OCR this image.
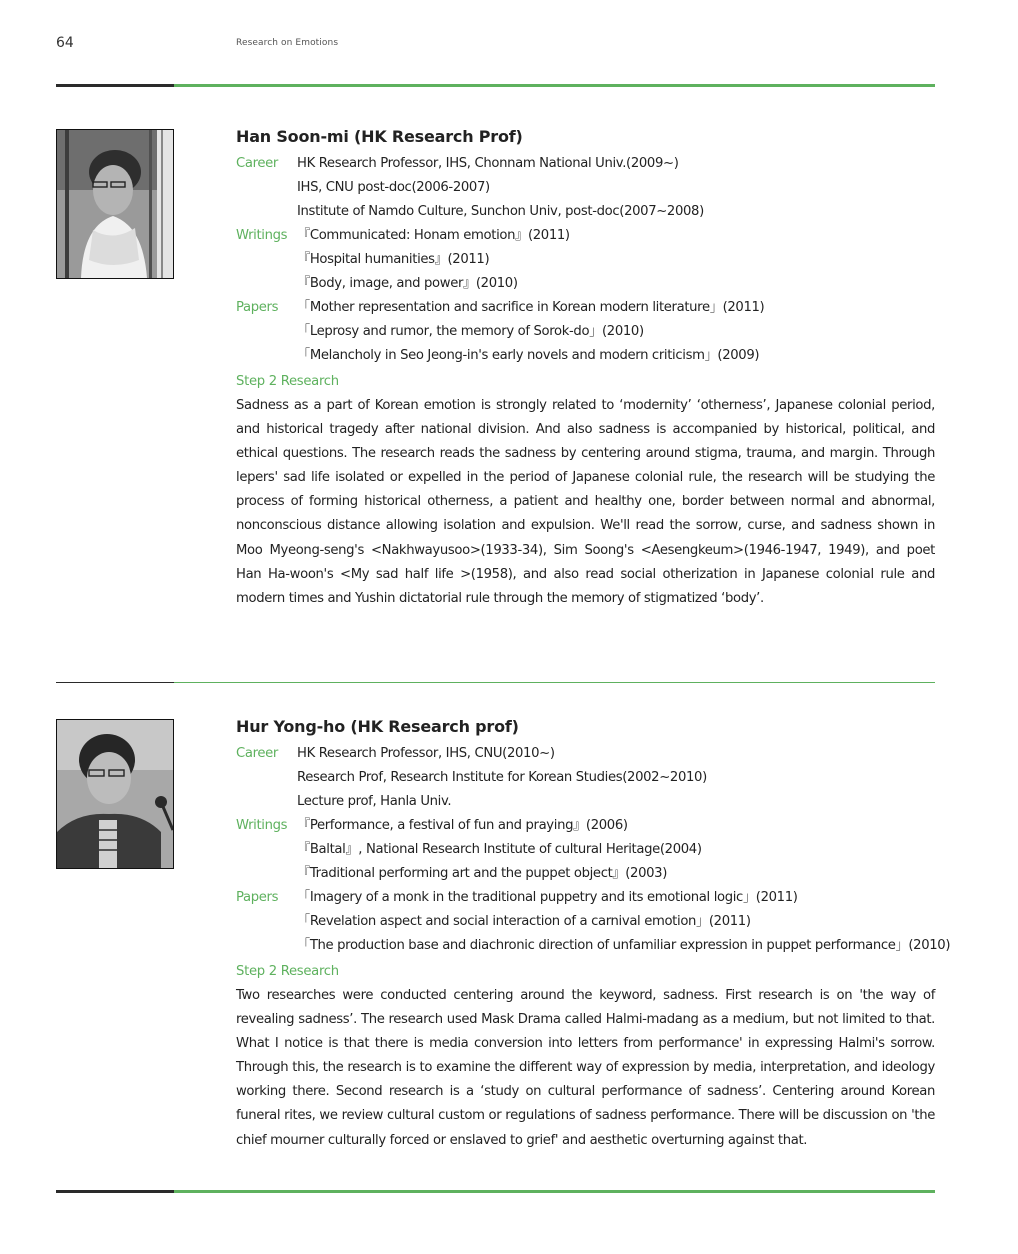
64	Research on Emotions
Han Soon-mi (HK Research Prof)
Career	HK Research Professor, IHS, Chonnam National Univ.(2009~)
IHS, CNU post-doc(2006-2007)
Institute of Namdo Culture, Sunchon Univ, post-doc(2007~2008)
Writings 『Communicated: Honam emotion』(2011)
『Hospital humanities』(2011)
『Body, image, and power』(2010)
Papers	「Mother representation and sacrifice in Korean modern literature」(2011)
「Leprosy and rumor, the memory of Sorok-do」(2010)
「Melancholy in Seo Jeong-in's early novels and modern criticism」(2009)
Step 2 Research

Sadness as a part of Korean emotion is strongly related to ‘modernity’ ‘otherness’, Japanese colonial period, and historical tragedy after national division. And also sadness is accompanied by historical, political, and ethical questions. The research reads the sadness by centering around stigma, trauma, and margin. Through lepers' sad life isolated or expelled in the period of Japanese colonial rule, the research will be studying the process of forming historical otherness, a patient and healthy one, border between normal and abnormal, nonconscious distance allowing isolation and expulsion. We'll read the sorrow, curse, and sadness shown in Moo Myeong-seng's <Nakhwayusoo>(1933-34), Sim Soong's <Aesengkeum>(1946-1947, 1949), and poet Han Ha-woon's <My sad half life >(1958), and also read social otherization in Japanese colonial rule and modern times and Yushin dictatorial rule through the memory of stigmatized ‘body’.

Hur Yong-ho (HK Research prof)
Career	HK Research Professor, IHS, CNU(2010~)
Research Prof, Research Institute for Korean Studies(2002~2010)
Lecture prof, Hanla Univ.
Writings 『Performance, a festival of fun and praying』(2006)
『Baltal』, National Research Institute of cultural Heritage(2004)
『Traditional performing art and the puppet object』(2003)
Papers	「Imagery of a monk in the traditional puppetry and its emotional logic」(2011)
「Revelation aspect and social interaction of a carnival emotion」(2011)
「The production base and diachronic direction of unfamiliar expression in puppet performance」(2010)
Step 2 Research

Two researches were conducted centering around the keyword, sadness. First research is on 'the way of revealing sadness’. The research used Mask Drama called Halmi-madang as a medium, but not limited to that. What I notice is that there is media conversion into letters from performance' in expressing Halmi's sorrow. Through this, the research is to examine the different way of expression by media, interpretation, and ideology working there. Second research is a ‘study on cultural performance of sadness’. Centering around Korean funeral rites, we review cultural custom or regulations of sadness performance. There will be discussion on 'the chief mourner culturally forced or enslaved to grief' and aesthetic overturning against that.
